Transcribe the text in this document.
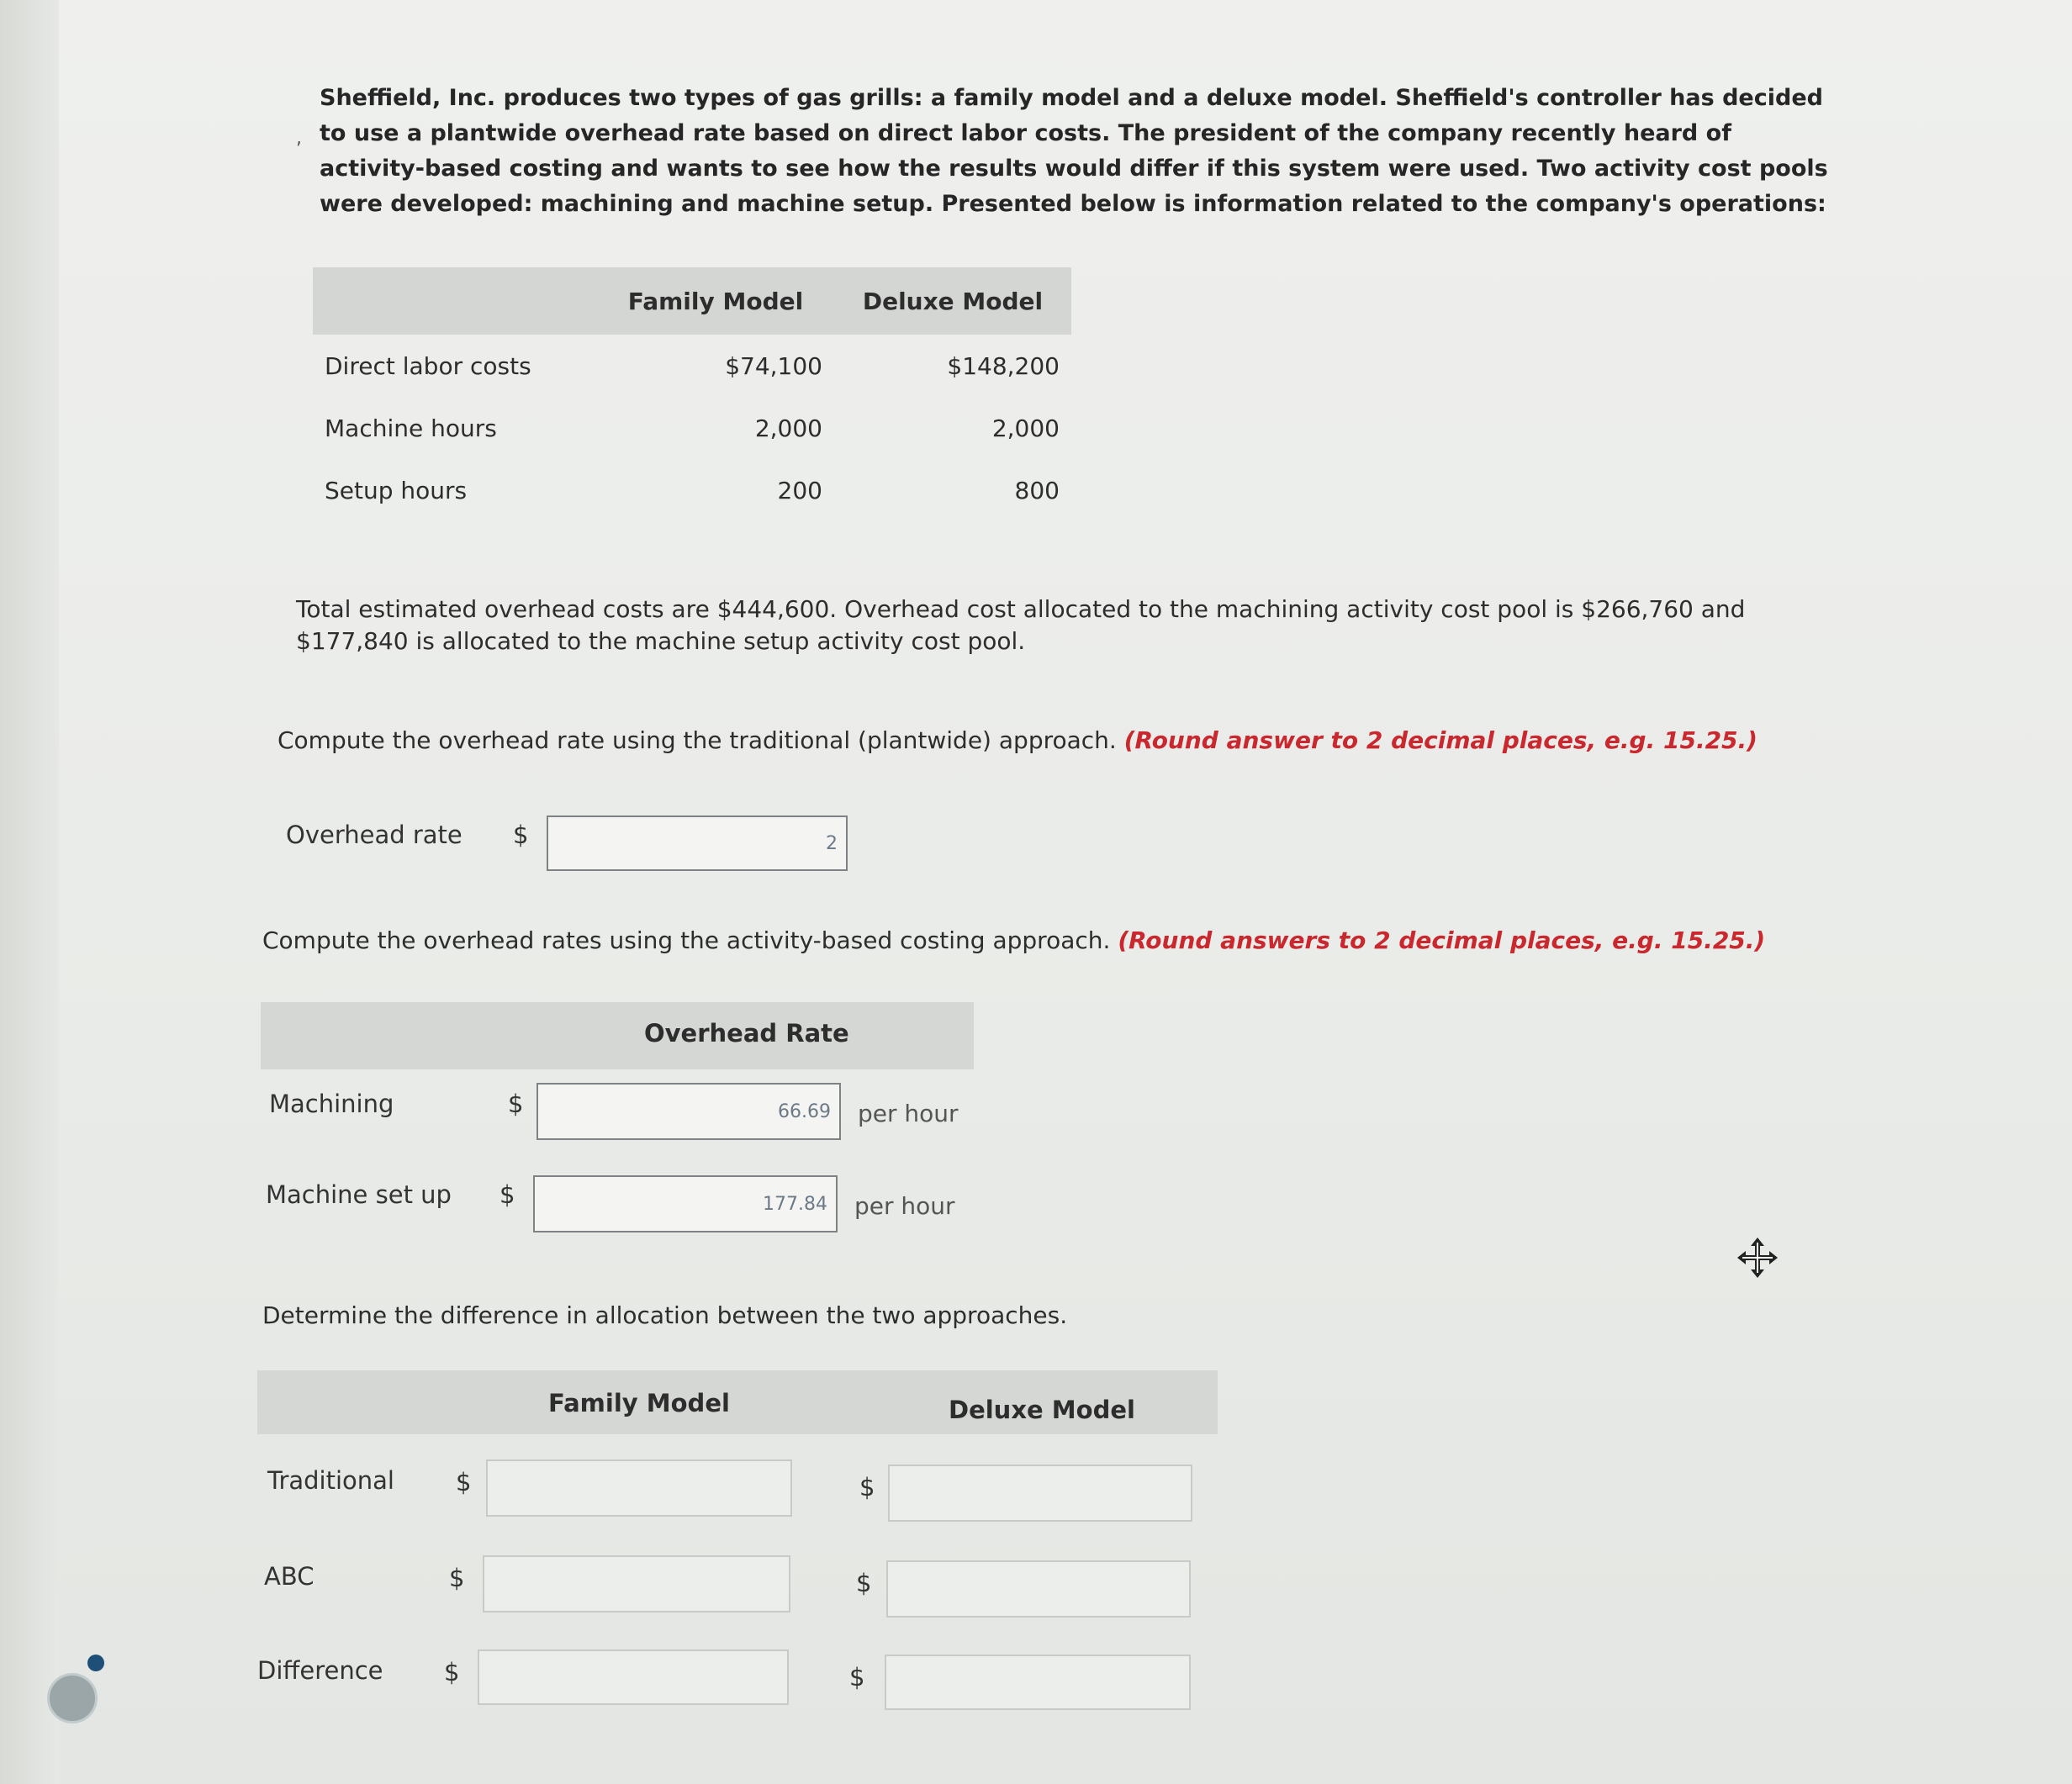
,

Sheffield, Inc. produces two types of gas grills: a family model and a deluxe model. Sheffield's controller has decided to use a plantwide overhead rate based on direct labor costs. The president of the company recently heard of activity-based costing and wants to see how the results would differ if this system were used. Two activity cost pools were developed: machining and machine setup. Presented below is information related to the company's operations:

	Family Model	Deluxe Model
Direct labor costs	$74,100	$148,200
Machine hours	2,000	2,000
Setup hours	200	800

Total estimated overhead costs are $444,600. Overhead cost allocated to the machining activity cost pool is $266,760 and $177,840 is allocated to the machine setup activity cost pool.

Compute the overhead rate using the traditional (plantwide) approach. (Round answer to 2 decimal places, e.g. 15.25.)

Overhead rate $	2

Compute the overhead rates using the activity-based costing approach. (Round answers to 2 decimal places, e.g. 15.25.)

Overhead Rate
Machining	$	66.69	per hour
Machine set up $	177.84	per hour

Determine the difference in allocation between the two approaches.

Family Model	Deluxe Model
Traditional	$	$
ABC	$	$
Difference $	$
